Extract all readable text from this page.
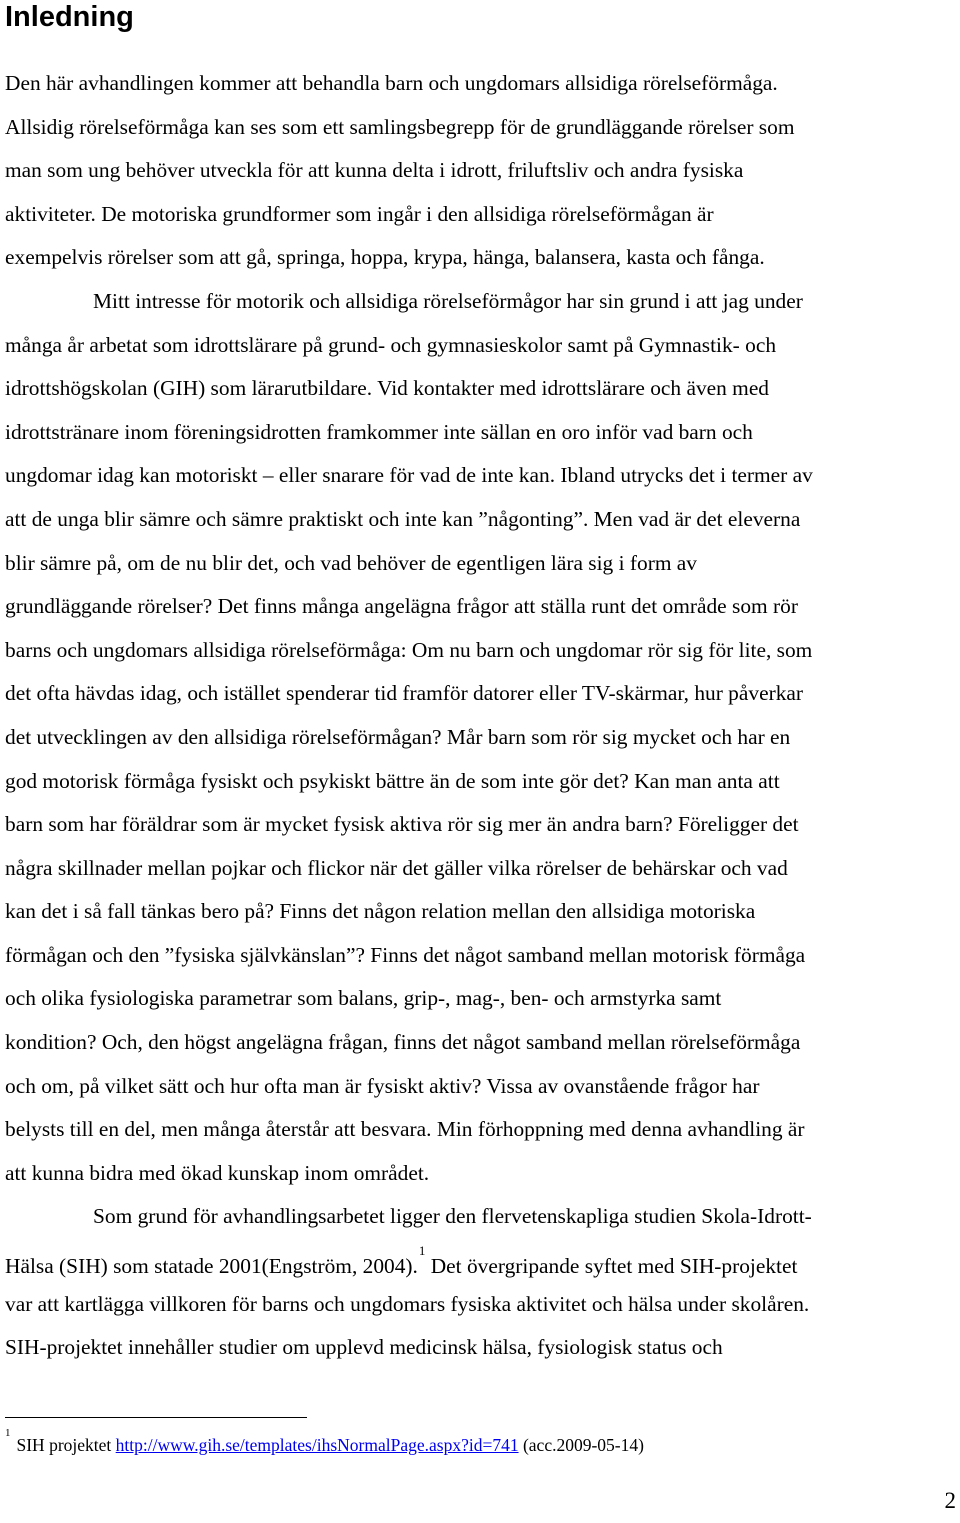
Inledning
Den här avhandlingen kommer att behandla barn och ungdomars allsidiga rörelseförmåga.
Allsidig rörelseförmåga kan ses som ett samlingsbegrepp för de grundläggande rörelser som
man som ung behöver utveckla för att kunna delta i idrott, friluftsliv och andra fysiska
aktiviteter. De motoriska grundformer som ingår i den allsidiga rörelseförmågan är
exempelvis rörelser som att gå, springa, hoppa, krypa, hänga, balansera, kasta och fånga.
Mitt intresse för motorik och allsidiga rörelseförmågor har sin grund i att jag under
många år arbetat som idrottslärare på grund- och gymnasieskolor samt på Gymnastik- och
idrottshögskolan (GIH) som lärarutbildare. Vid kontakter med idrottslärare och även med
idrottstränare inom föreningsidrotten framkommer inte sällan en oro inför vad barn och
ungdomar idag kan motoriskt – eller snarare för vad de inte kan. Ibland utrycks det i termer av
att de unga blir sämre och sämre praktiskt och inte kan ”någonting”. Men vad är det eleverna
blir sämre på, om de nu blir det, och vad behöver de egentligen lära sig i form av
grundläggande rörelser? Det finns många angelägna frågor att ställa runt det område som rör
barns och ungdomars allsidiga rörelseförmåga: Om nu barn och ungdomar rör sig för lite, som
det ofta hävdas idag, och istället spenderar tid framför datorer eller TV-skärmar, hur påverkar
det utvecklingen av den allsidiga rörelseförmågan? Mår barn som rör sig mycket och har en
god motorisk förmåga fysiskt och psykiskt bättre än de som inte gör det? Kan man anta att
barn som har föräldrar som är mycket fysisk aktiva rör sig mer än andra barn? Föreligger det
några skillnader mellan pojkar och flickor när det gäller vilka rörelser de behärskar och vad
kan det i så fall tänkas bero på? Finns det någon relation mellan den allsidiga motoriska
förmågan och den ”fysiska självkänslan”? Finns det något samband mellan motorisk förmåga
och olika fysiologiska parametrar som balans, grip-, mag-, ben- och armstyrka samt
kondition? Och, den högst angelägna frågan, finns det något samband mellan rörelseförmåga
och om, på vilket sätt och hur ofta man är fysiskt aktiv? Vissa av ovanstående frågor har
belysts till en del, men många återstår att besvara. Min förhoppning med denna avhandling är
att kunna bidra med ökad kunskap inom området.
Som grund för avhandlingsarbetet ligger den flervetenskapliga studien Skola-Idrott-
Hälsa (SIH) som statade 2001(Engström, 2004).$^1$ Det övergripande syftet med SIH-projektet
var att kartlägga villkoren för barns och ungdomars fysiska aktivitet och hälsa under skolåren.
SIH-projektet innehåller studier om upplevd medicinsk hälsa, fysiologisk status och
$^1$SIH projektet http://www.gih.se/templates/ihsNormalPage.aspx?id=741 (acc.2009-05-14)
2
